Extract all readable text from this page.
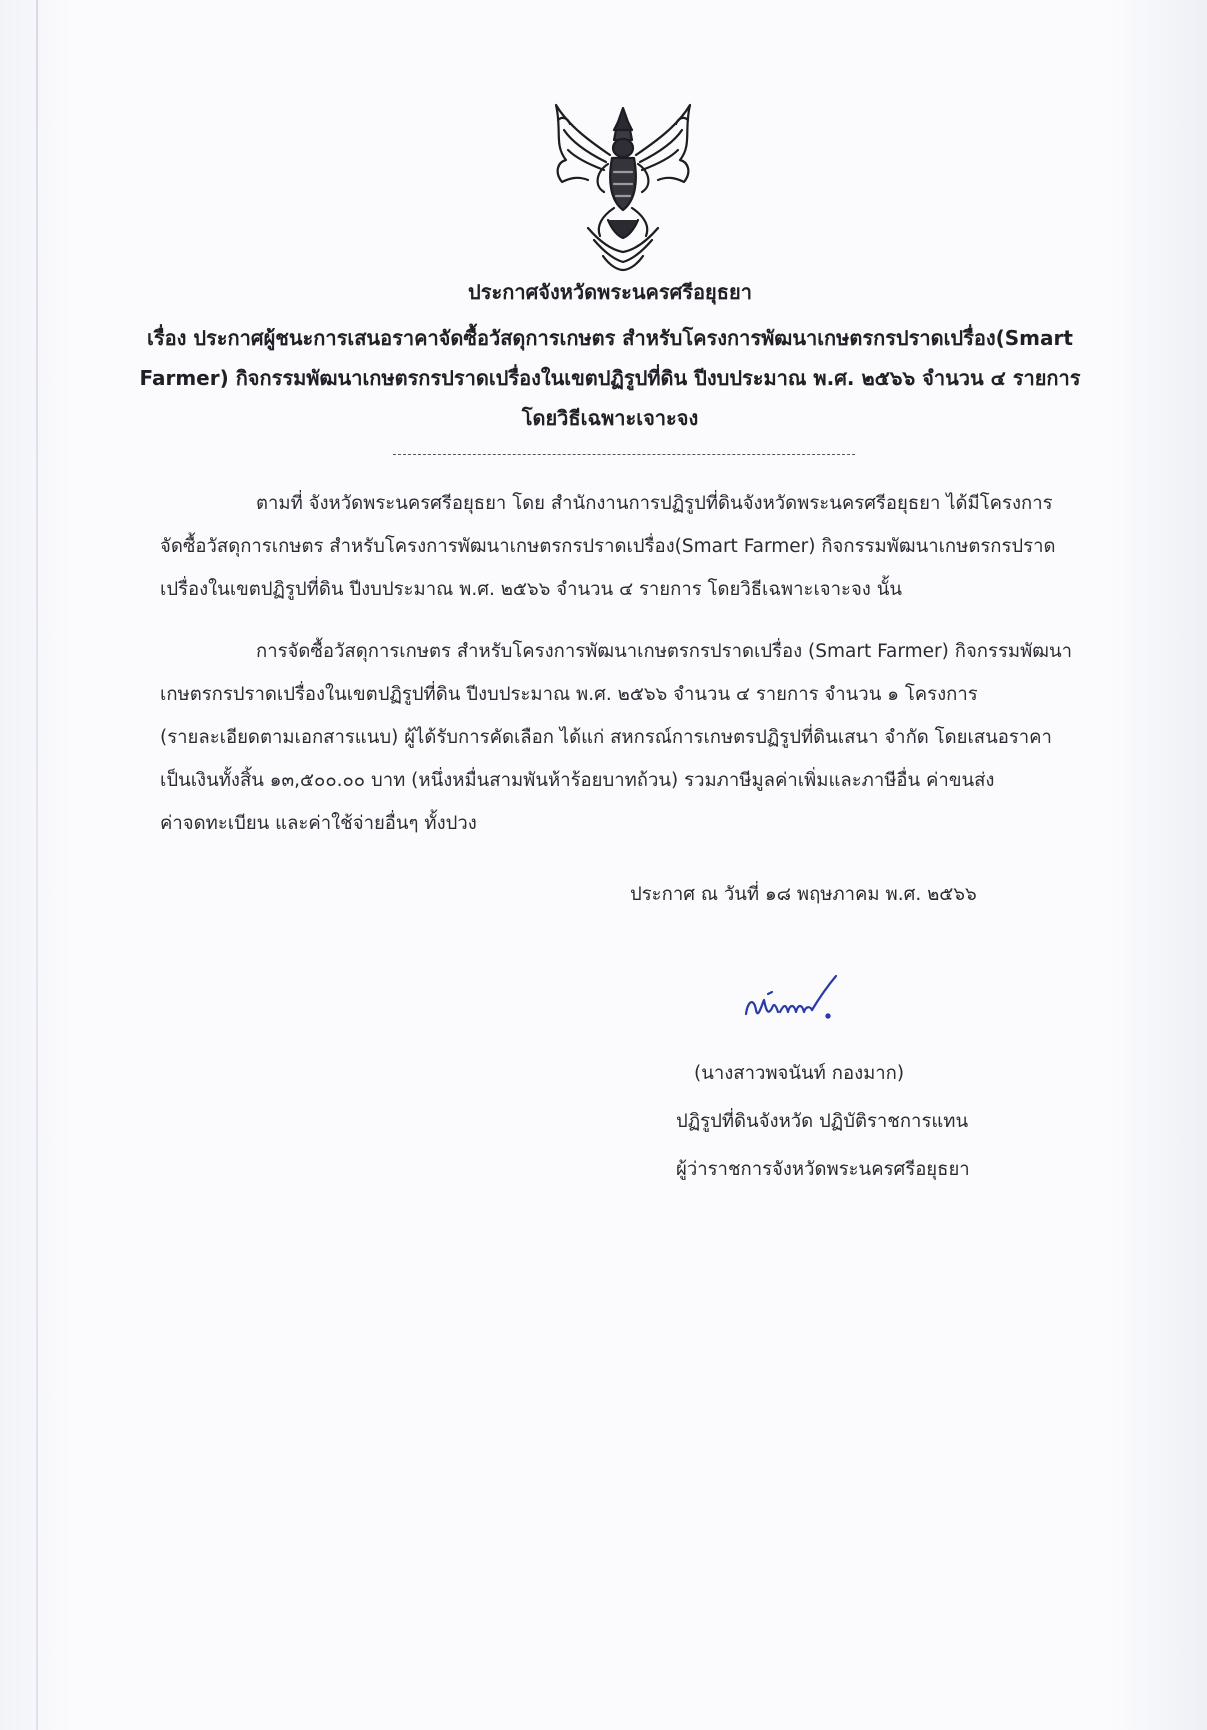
ประกาศจังหวัดพระนครศรีอยุธยา
เรื่อง ประกาศผู้ชนะการเสนอราคาจัดซื้อวัสดุการเกษตร สำหรับโครงการพัฒนาเกษตรกรปราดเปรื่อง(Smart
Farmer) กิจกรรมพัฒนาเกษตรกรปราดเปรื่องในเขตปฏิรูปที่ดิน ปีงบประมาณ พ.ศ. ๒๕๖๖ จำนวน ๔ รายการ
โดยวิธีเฉพาะเจาะจง
ตามที่ จังหวัดพระนครศรีอยุธยา โดย สำนักงานการปฏิรูปที่ดินจังหวัดพระนครศรีอยุธยา ได้มีโครงการ
จัดซื้อวัสดุการเกษตร สำหรับโครงการพัฒนาเกษตรกรปราดเปรื่อง(Smart Farmer) กิจกรรมพัฒนาเกษตรกรปราด
เปรื่องในเขตปฏิรูปที่ดิน ปีงบประมาณ พ.ศ. ๒๕๖๖ จำนวน ๔ รายการ โดยวิธีเฉพาะเจาะจง นั้น
การจัดซื้อวัสดุการเกษตร สำหรับโครงการพัฒนาเกษตรกรปราดเปรื่อง (Smart Farmer) กิจกรรมพัฒนา
เกษตรกรปราดเปรื่องในเขตปฏิรูปที่ดิน ปีงบประมาณ พ.ศ. ๒๕๖๖ จำนวน ๔ รายการ จำนวน ๑ โครงการ
(รายละเอียดตามเอกสารแนบ) ผู้ได้รับการคัดเลือก ได้แก่ สหกรณ์การเกษตรปฏิรูปที่ดินเสนา จำกัด โดยเสนอราคา
เป็นเงินทั้งสิ้น ๑๓,๕๐๐.๐๐ บาท (หนึ่งหมื่นสามพันห้าร้อยบาทถ้วน) รวมภาษีมูลค่าเพิ่มและภาษีอื่น ค่าขนส่ง
ค่าจดทะเบียน และค่าใช้จ่ายอื่นๆ ทั้งปวง
ประกาศ ณ วันที่ ๑๘ พฤษภาคม พ.ศ. ๒๕๖๖
(นางสาวพจนันท์ กองมาก)
ปฏิรูปที่ดินจังหวัด ปฏิบัติราชการแทน
ผู้ว่าราชการจังหวัดพระนครศรีอยุธยา
